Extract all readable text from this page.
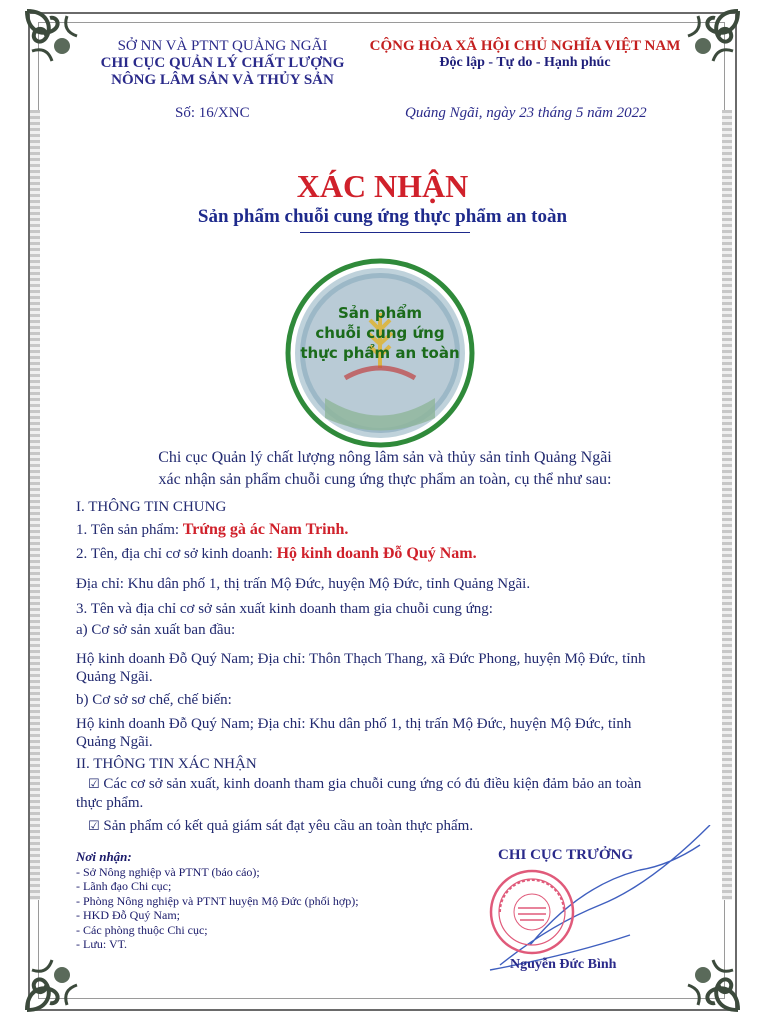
SỞ NN VÀ PTNT QUẢNG NGÃI
CHI CỤC QUẢN LÝ CHẤT LƯỢNG
NÔNG LÂM SẢN VÀ THỦY SẢN
CỘNG HÒA XÃ HỘI CHỦ NGHĨA VIỆT NAM
Độc lập - Tự do - Hạnh phúc
Số: 16/XNC	Quảng Ngãi, ngày 23 tháng 5 năm 2022
XÁC NHẬN
Sản phẩm chuỗi cung ứng thực phẩm an toàn
Sản phẩm
chuỗi cung ứng
thực phẩm an toàn
Chi cục Quản lý chất lượng nông lâm sản và thủy sản tỉnh Quảng Ngãi
xác nhận sản phẩm chuỗi cung ứng thực phẩm an toàn, cụ thể như sau:
I. THÔNG TIN CHUNG
1. Tên sản phẩm: Trứng gà ác Nam Trinh.
2. Tên, địa chỉ cơ sở kinh doanh: Hộ kinh doanh Đỗ Quý Nam.
Địa chỉ: Khu dân phố 1, thị trấn Mộ Đức, huyện Mộ Đức, tỉnh Quảng Ngãi.
3. Tên và địa chỉ cơ sở sản xuất kinh doanh tham gia chuỗi cung ứng:
a) Cơ sở sản xuất ban đầu:
Hộ kinh doanh Đỗ Quý Nam; Địa chỉ: Thôn Thạch Thang, xã Đức Phong, huyện Mộ Đức, tỉnh
Quảng Ngãi.
b) Cơ sở sơ chế, chế biến:
Hộ kinh doanh Đỗ Quý Nam; Địa chỉ: Khu dân phố 1, thị trấn Mộ Đức, huyện Mộ Đức, tỉnh
Quảng Ngãi.
II. THÔNG TIN XÁC NHẬN
☑ Các cơ sở sản xuất, kinh doanh tham gia chuỗi cung ứng có đủ điều kiện đảm bảo an toàn
thực phẩm.
☑ Sản phẩm có kết quả giám sát đạt yêu cầu an toàn thực phẩm.
Nơi nhận:
- Sở Nông nghiệp và PTNT (báo cáo);
- Lãnh đạo Chi cục;
- Phòng Nông nghiệp và PTNT huyện Mộ Đức (phối hợp);
- HKD Đỗ Quý Nam;
- Các phòng thuộc Chi cục;
- Lưu: VT.
CHI CỤC TRƯỞNG
Nguyễn Đức Bình
